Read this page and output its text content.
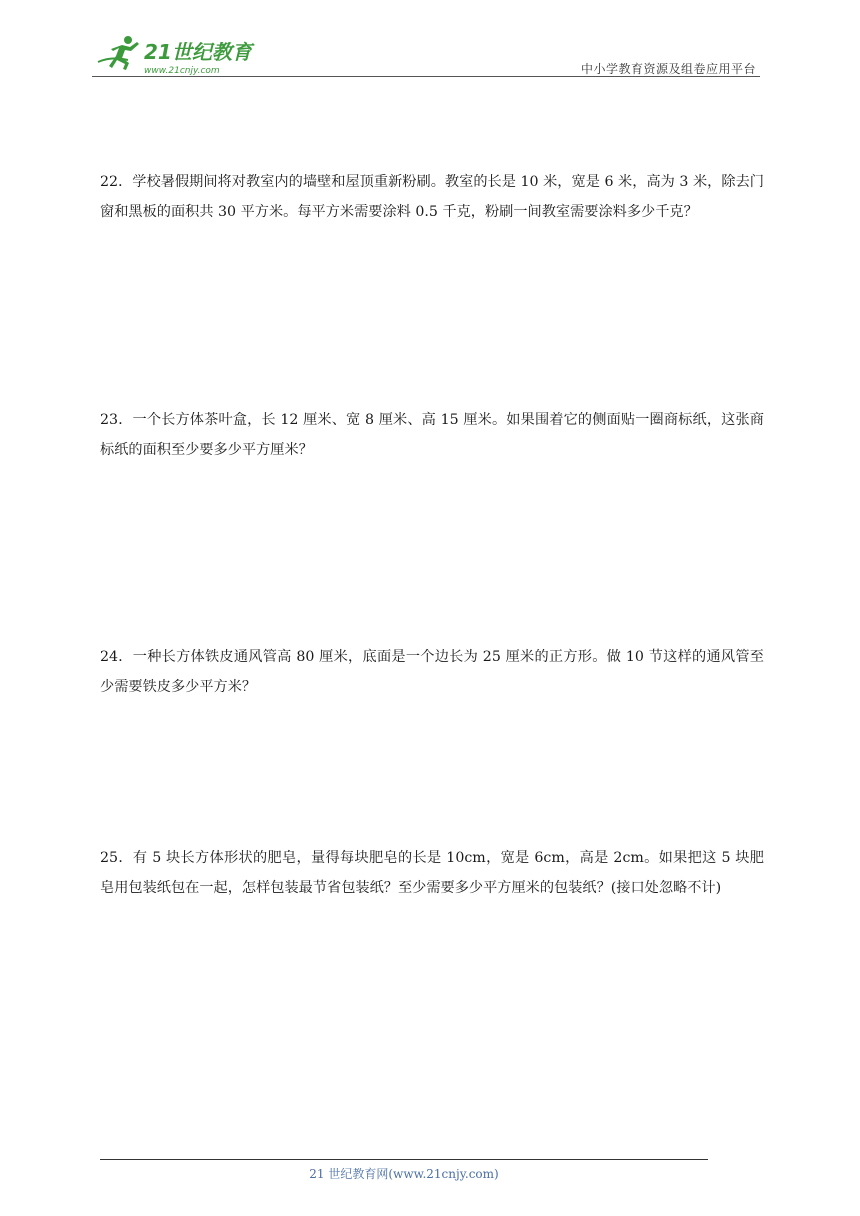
21世纪教育
www.21cnjy.com	中小学教育资源及组卷应用平台
22．学校暑假期间将对教室内的墙壁和屋顶重新粉刷。教室的长是 10 米，宽是 6 米，高为 3 米，除去门窗和黑板的面积共 30 平方米。每平方米需要涂料 0.5 千克，粉刷一间教室需要涂料多少千克？
23．一个长方体茶叶盒，长 12 厘米、宽 8 厘米、高 15 厘米。如果围着它的侧面贴一圈商标纸，这张商标纸的面积至少要多少平方厘米？
24．一种长方体铁皮通风管高 80 厘米，底面是一个边长为 25 厘米的正方形。做 10 节这样的通风管至少需要铁皮多少平方米？
25．有 5 块长方体形状的肥皂，量得每块肥皂的长是 10cm，宽是 6cm，高是 2cm。如果把这 5 块肥皂用包装纸包在一起，怎样包装最节省包装纸？至少需要多少平方厘米的包装纸？(接口处忽略不计)
21 世纪教育网(www.21cnjy.com)
